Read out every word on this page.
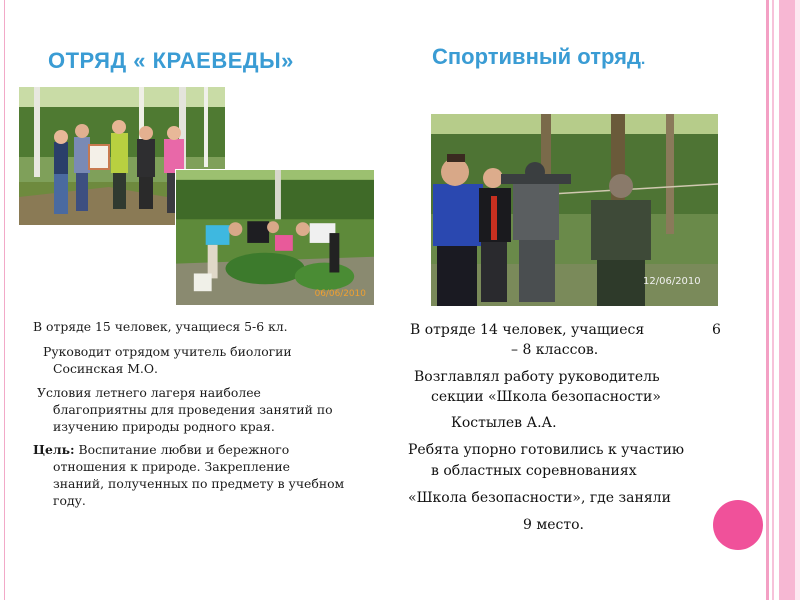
ОТРЯД « КРАЕВЕДЫ»	Спортивный отряд.
06/06/2010
12/06/2010
В отряде 15 человек, учащиеся 5-6 кл.
Руководит отрядом учитель биологии
Сосинская М.О.
Условия летнего лагеря наиболее
благоприятны для проведения занятий по
изучению природы родного края.
Цель: Воспитание любви и бережного
отношения к природе. Закрепление
знаний, полученных по предмету в учебном
году.
В отряде 14 человек, учащиеся	6
– 8 классов.
Возглавлял работу руководитель
секции «Школа безопасности»
Костылев А.А.
Ребята упорно готовились к участию
в областных соревнованиях
«Школа безопасности», где заняли
9 место.
